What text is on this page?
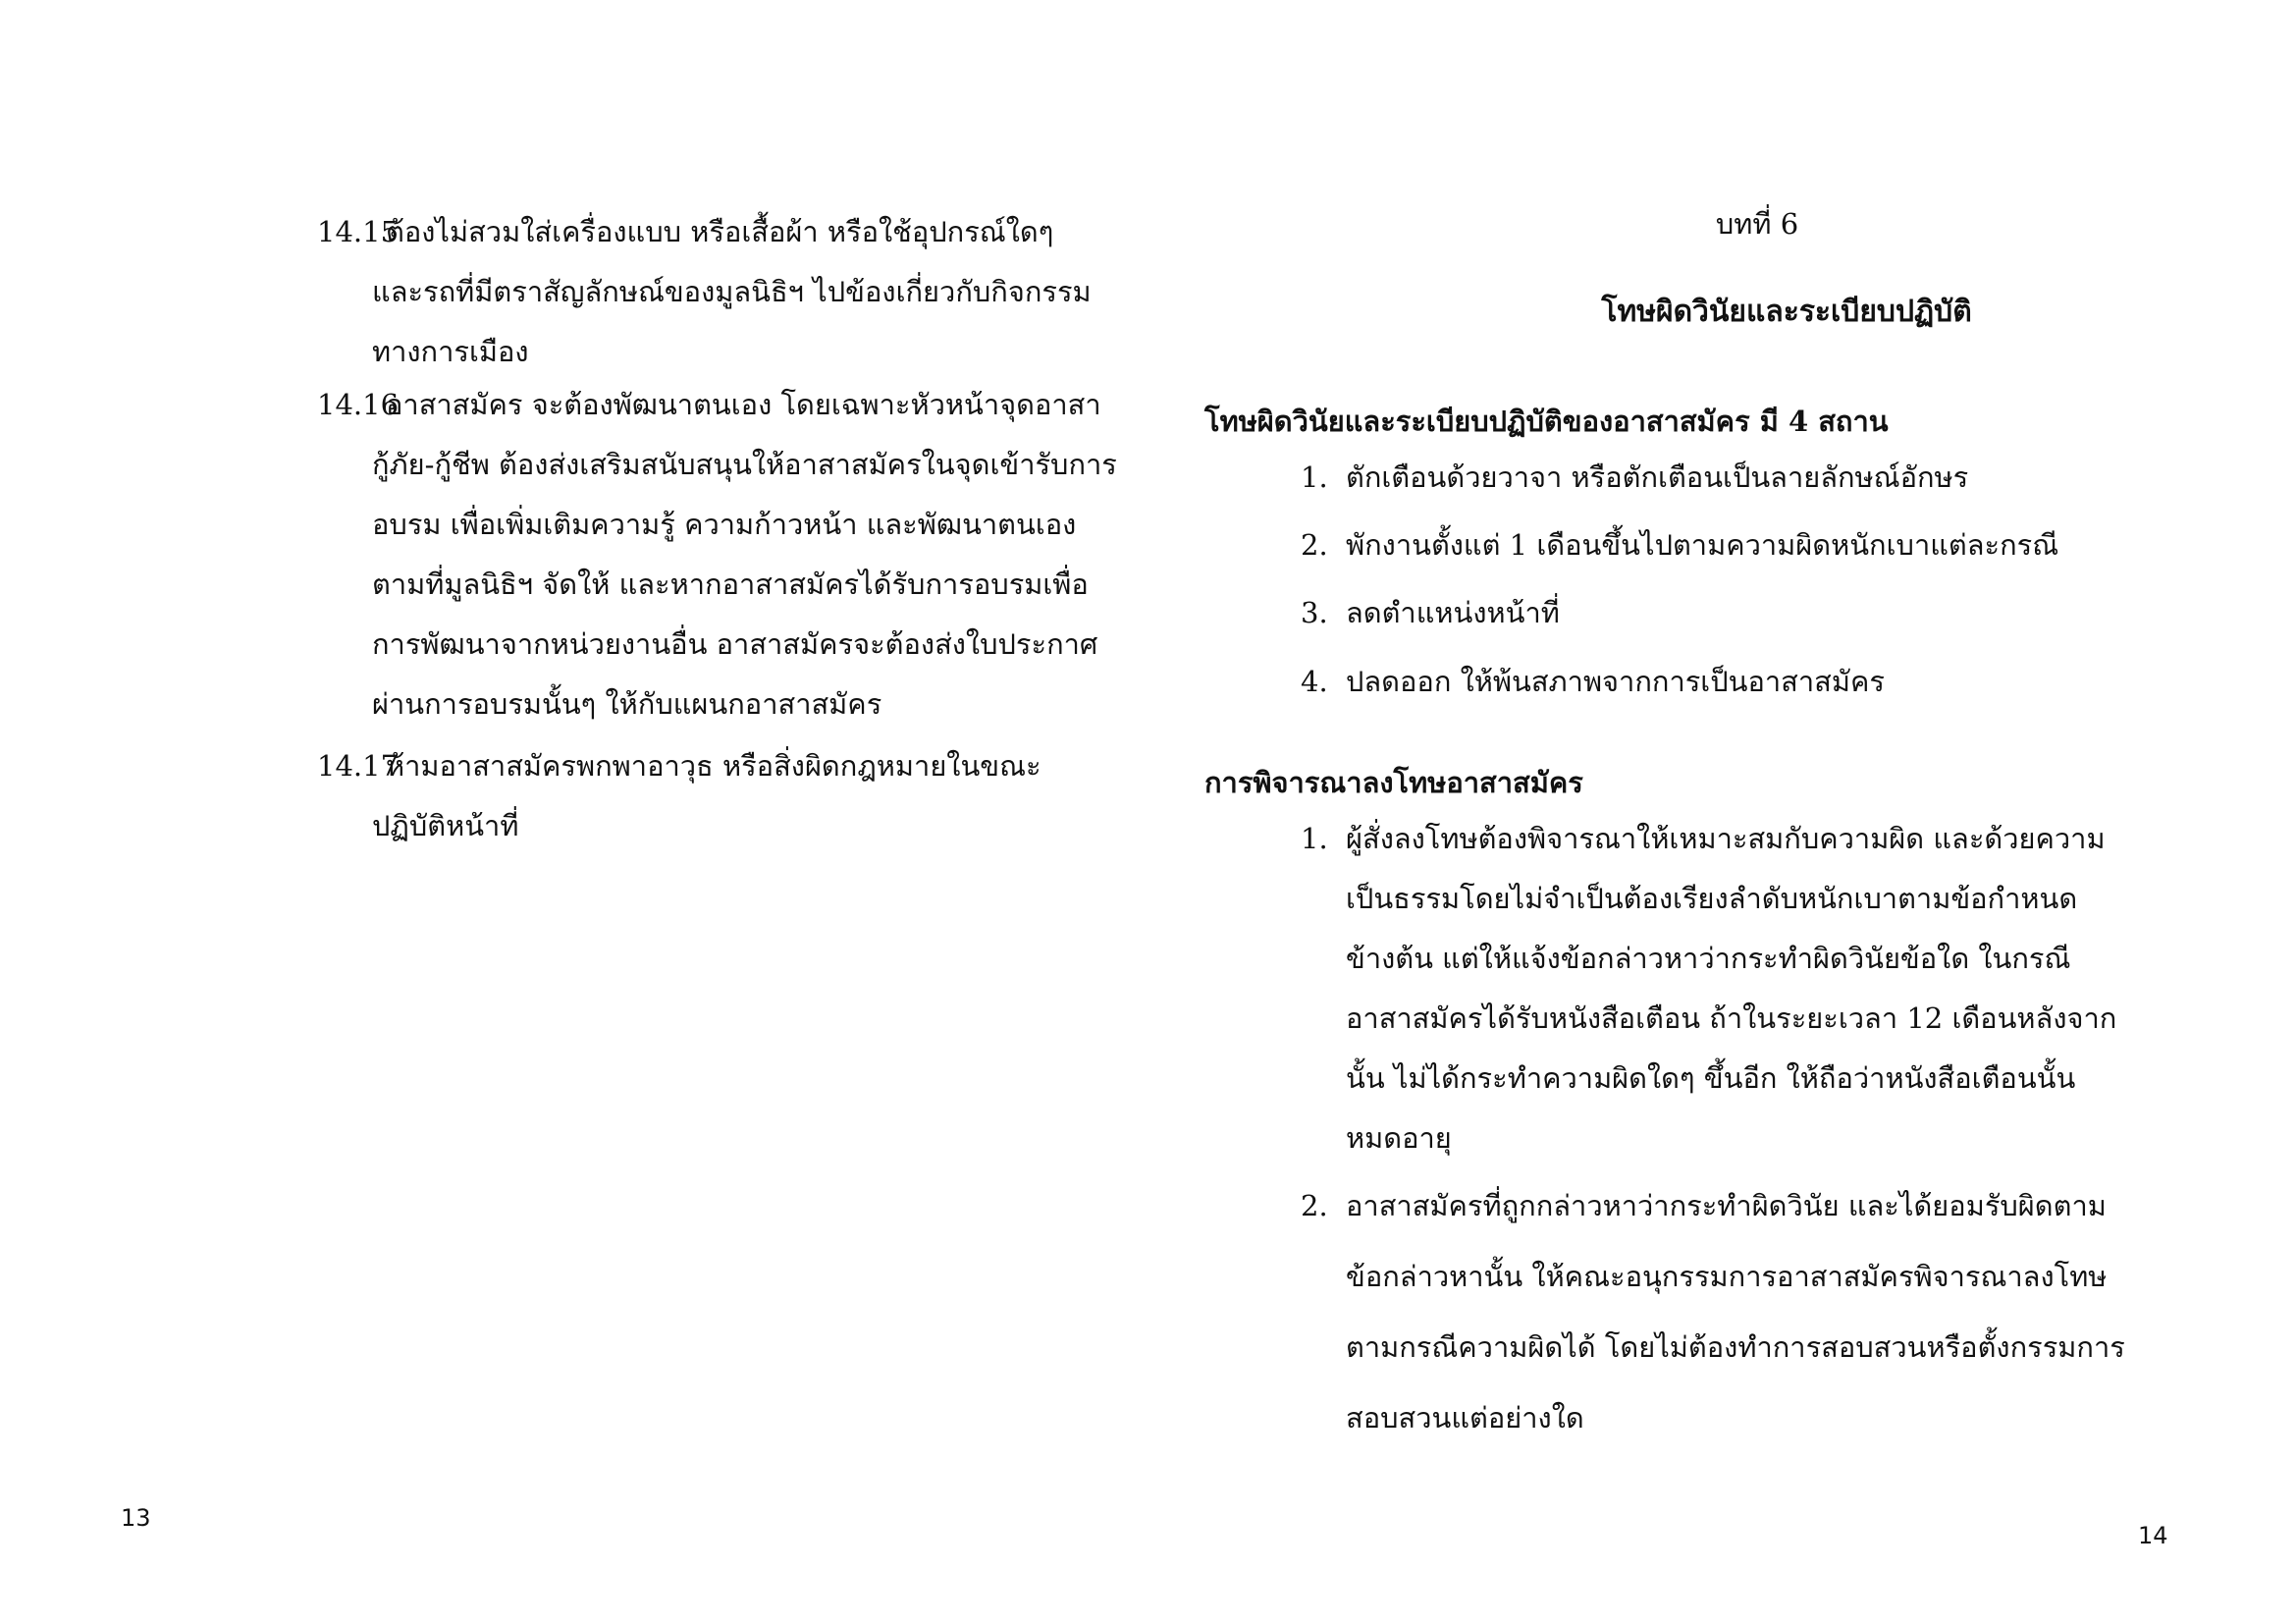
14.15ต้องไม่สวมใส่เครื่องแบบ หรือเสื้อผ้า หรือใช้อุปกรณ์ใดๆ
และรถที่มีตราสัญลักษณ์ของมูลนิธิฯ ไปข้องเกี่ยวกับกิจกรรม
ทางการเมือง
14.16อาสาสมัคร จะต้องพัฒนาตนเอง โดยเฉพาะหัวหน้าจุดอาสา
กู้ภัย-กู้ชีพ ต้องส่งเสริมสนับสนุนให้อาสาสมัครในจุดเข้ารับการ
อบรม เพื่อเพิ่มเติมความรู้ ความก้าวหน้า และพัฒนาตนเอง
ตามที่มูลนิธิฯ จัดให้ และหากอาสาสมัครได้รับการอบรมเพื่อ
การพัฒนาจากหน่วยงานอื่น อาสาสมัครจะต้องส่งใบประกาศ
ผ่านการอบรมนั้นๆ ให้กับแผนกอาสาสมัคร
14.17ห้ามอาสาสมัครพกพาอาวุธ หรือสิ่งผิดกฎหมายในขณะ
ปฏิบัติหน้าที่
13
บทที่ 6
โทษผิดวินัยและระเบียบปฏิบัติ
โทษผิดวินัยและระเบียบปฏิบัติของอาสาสมัคร มี 4 สถาน
1. ตักเตือนด้วยวาจา หรือตักเตือนเป็นลายลักษณ์อักษร
2. พักงานตั้งแต่ 1 เดือนขึ้นไปตามความผิดหนักเบาแต่ละกรณี
3. ลดตำแหน่งหน้าที่
4. ปลดออก ให้พ้นสภาพจากการเป็นอาสาสมัคร
การพิจารณาลงโทษอาสาสมัคร
1. ผู้สั่งลงโทษต้องพิจารณาให้เหมาะสมกับความผิด และด้วยความ
เป็นธรรมโดยไม่จำเป็นต้องเรียงลำดับหนักเบาตามข้อกำหนด
ข้างต้น แต่ให้แจ้งข้อกล่าวหาว่ากระทำผิดวินัยข้อใด ในกรณี
อาสาสมัครได้รับหนังสือเตือน ถ้าในระยะเวลา 12 เดือนหลังจาก
นั้น ไม่ได้กระทำความผิดใดๆ ขึ้นอีก ให้ถือว่าหนังสือเตือนนั้น
หมดอายุ
2. อาสาสมัครที่ถูกกล่าวหาว่ากระทำผิดวินัย และได้ยอมรับผิดตาม
ข้อกล่าวหานั้น ให้คณะอนุกรรมการอาสาสมัครพิจารณาลงโทษ
ตามกรณีความผิดได้ โดยไม่ต้องทำการสอบสวนหรือตั้งกรรมการ
สอบสวนแต่อย่างใด
14
